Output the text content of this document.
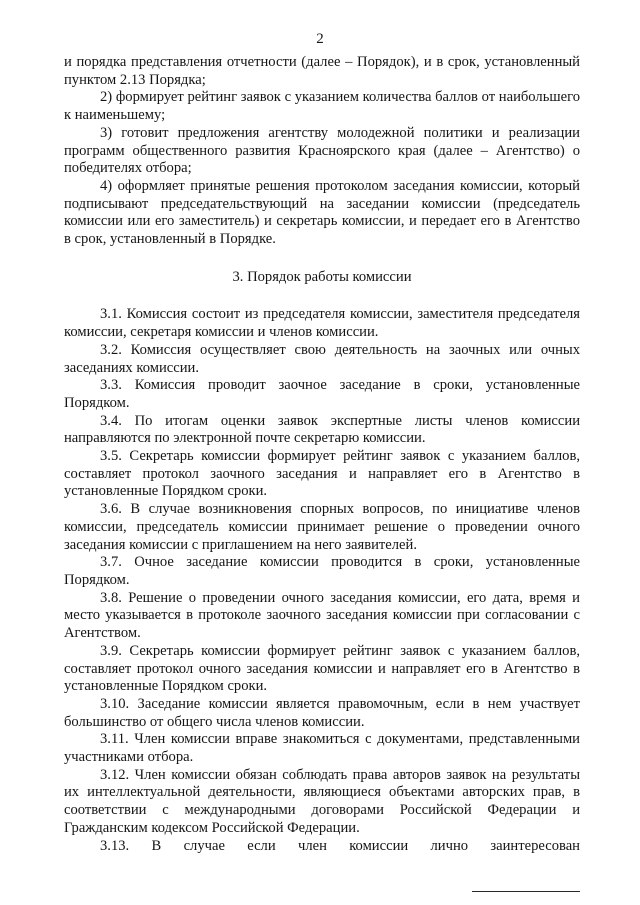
2

и порядка представления отчетности (далее – Порядок), и в срок, установленный пунктом 2.13 Порядка;

2) формирует рейтинг заявок с указанием количества баллов от наибольшего к наименьшему;

3) готовит предложения агентству молодежной политики и реализации программ общественного развития Красноярского края (далее – Агентство) о победителях отбора;

4) оформляет принятые решения протоколом заседания комиссии, который подписывают председательствующий на заседании комиссии (председатель комиссии или его заместитель) и секретарь комиссии, и передает его в Агентство в срок, установленный в Порядке.

3. Порядок работы комиссии

3.1. Комиссия состоит из председателя комиссии, заместителя председателя комиссии, секретаря комиссии и членов комиссии.

3.2. Комиссия осуществляет свою деятельность на заочных или очных заседаниях комиссии.

3.3. Комиссия проводит заочное заседание в сроки, установленные Порядком.

3.4. По итогам оценки заявок экспертные листы членов комиссии направляются по электронной почте секретарю комиссии.

3.5. Секретарь комиссии формирует рейтинг заявок с указанием баллов, составляет протокол заочного заседания и направляет его в Агентство в установленные Порядком сроки.

3.6. В случае возникновения спорных вопросов, по инициативе членов комиссии, председатель комиссии принимает решение о проведении очного заседания комиссии с приглашением на него заявителей.

3.7. Очное заседание комиссии проводится в сроки, установленные Порядком.

3.8. Решение о проведении очного заседания комиссии, его дата, время и место указывается в протоколе заочного заседания комиссии при согласовании с Агентством.

3.9. Секретарь комиссии формирует рейтинг заявок с указанием баллов, составляет протокол очного заседания комиссии и направляет его в Агентство в установленные Порядком сроки.

3.10. Заседание комиссии является правомочным, если в нем участвует большинство от общего числа членов комиссии.

3.11. Член комиссии вправе знакомиться с документами, представленными участниками отбора.

3.12. Член комиссии обязан соблюдать права авторов заявок на результаты их интеллектуальной деятельности, являющиеся объектами авторских прав, в соответствии с международными договорами Российской Федерации и Гражданским кодексом Российской Федерации.

3.13. В случае если член комиссии лично заинтересован
